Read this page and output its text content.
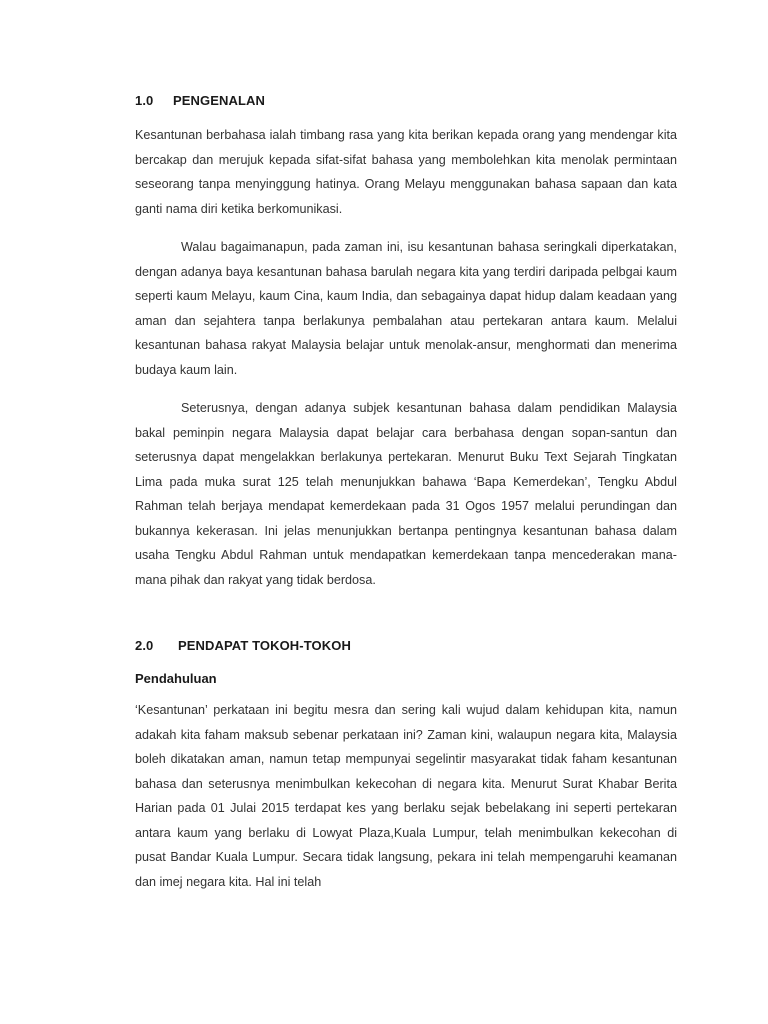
1.0 PENGENALAN

Kesantunan berbahasa ialah timbang rasa yang kita berikan kepada orang yang mendengar kita bercakap dan merujuk kepada sifat-sifat bahasa yang membolehkan kita menolak permintaan seseorang tanpa menyinggung hatinya. Orang Melayu menggunakan bahasa sapaan dan kata ganti nama diri ketika berkomunikasi.

Walau bagaimanapun, pada zaman ini, isu kesantunan bahasa seringkali diperkatakan, dengan adanya baya kesantunan bahasa barulah negara kita yang terdiri daripada pelbgai kaum seperti kaum Melayu, kaum Cina, kaum India, dan sebagainya dapat hidup dalam keadaan yang aman dan sejahtera tanpa berlakunya pembalahan atau pertekaran antara kaum. Melalui kesantunan bahasa rakyat Malaysia belajar untuk menolak-ansur, menghormati dan menerima budaya kaum lain.

Seterusnya, dengan adanya subjek kesantunan bahasa dalam pendidikan Malaysia bakal peminpin negara Malaysia dapat belajar cara berbahasa dengan sopan-santun dan seterusnya dapat mengelakkan berlakunya pertekaran. Menurut Buku Text Sejarah Tingkatan Lima pada muka surat 125 telah menunjukkan bahawa ‘Bapa Kemerdekan’, Tengku Abdul Rahman telah berjaya mendapat kemerdekaan pada 31 Ogos 1957 melalui perundingan dan bukannya kekerasan. Ini jelas menunjukkan bertanpa pentingnya kesantunan bahasa dalam usaha Tengku Abdul Rahman untuk mendapatkan kemerdekaan tanpa mencederakan mana-mana pihak dan rakyat yang tidak berdosa.

2.0 PENDAPAT TOKOH-TOKOH

Pendahuluan

‘Kesantunan’ perkataan ini begitu mesra dan sering kali wujud dalam kehidupan kita, namun adakah kita faham maksub sebenar perkataan ini? Zaman kini, walaupun negara kita, Malaysia boleh dikatakan aman, namun tetap mempunyai segelintir masyarakat tidak faham kesantunan bahasa dan seterusnya menimbulkan kekecohan di negara kita. Menurut Surat Khabar Berita Harian pada 01 Julai 2015 terdapat kes yang berlaku sejak bebelakang ini seperti pertekaran antara kaum yang berlaku di Lowyat Plaza,Kuala Lumpur, telah menimbulkan kekecohan di pusat Bandar Kuala Lumpur. Secara tidak langsung, pekara ini telah mempengaruhi keamanan dan imej negara kita. Hal ini telah
